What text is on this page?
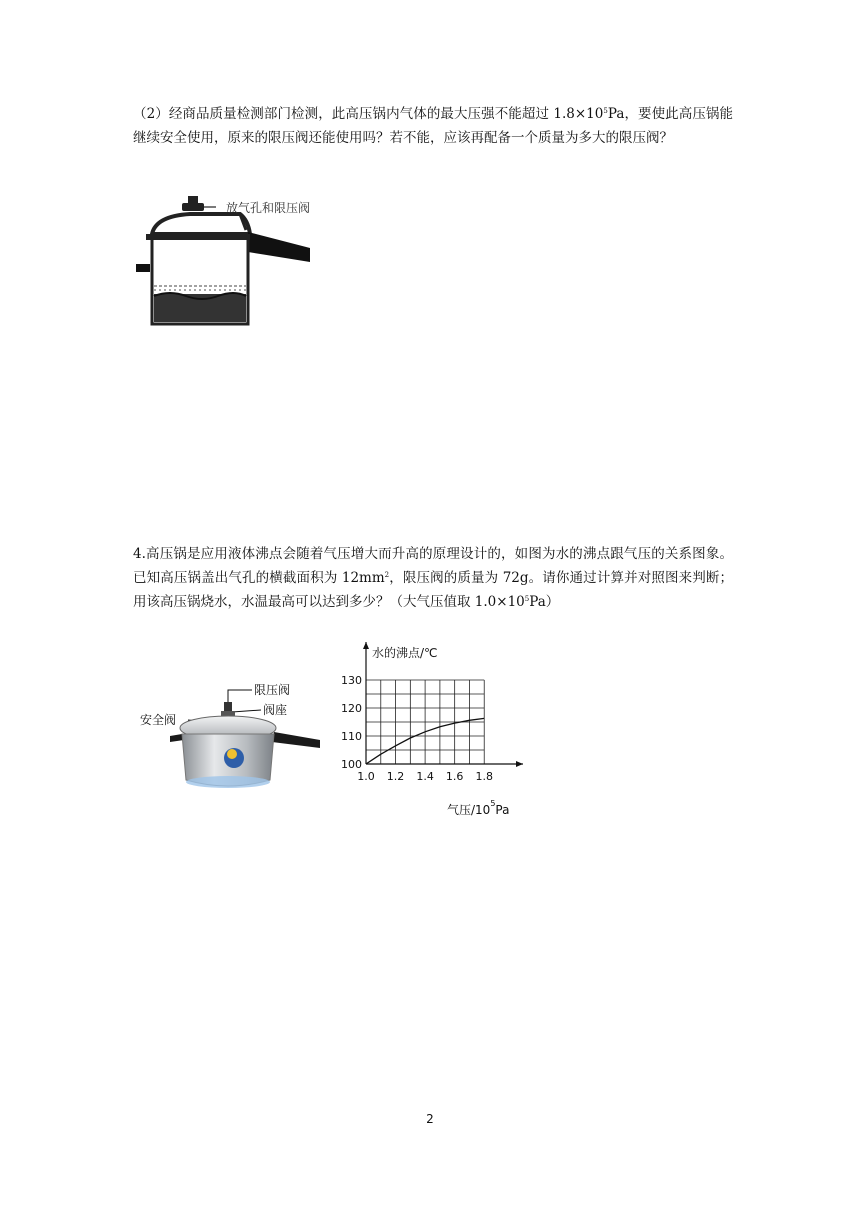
（2）经商品质量检测部门检测，此高压锅内气体的最大压强不能超过 $1.8\times 10^5Pa$，要使此高压锅能继续安全使用，原来的限压阀还能使用吗？若不能，应该再配备一个质量为多大的限压阀？

放气孔和限压阀

4.高压锅是应用液体沸点会随着气压增大而升高的原理设计的，如图为水的沸点跟气压的关系图象。已知高压锅盖出气孔的横截面积为 $12mm^2$，限压阀的质量为 72g。请你通过计算并对照图来判断；用该高压锅烧水，水温最高可以达到多少？（大气压值取 $1.0\times 10^5Pa$）

限压阀
阀座
安全阀
水的沸点/℃
100
110
120
130
1.0 1.2 1.4 1.6 1.8
气压$/10^5Pa$
2
